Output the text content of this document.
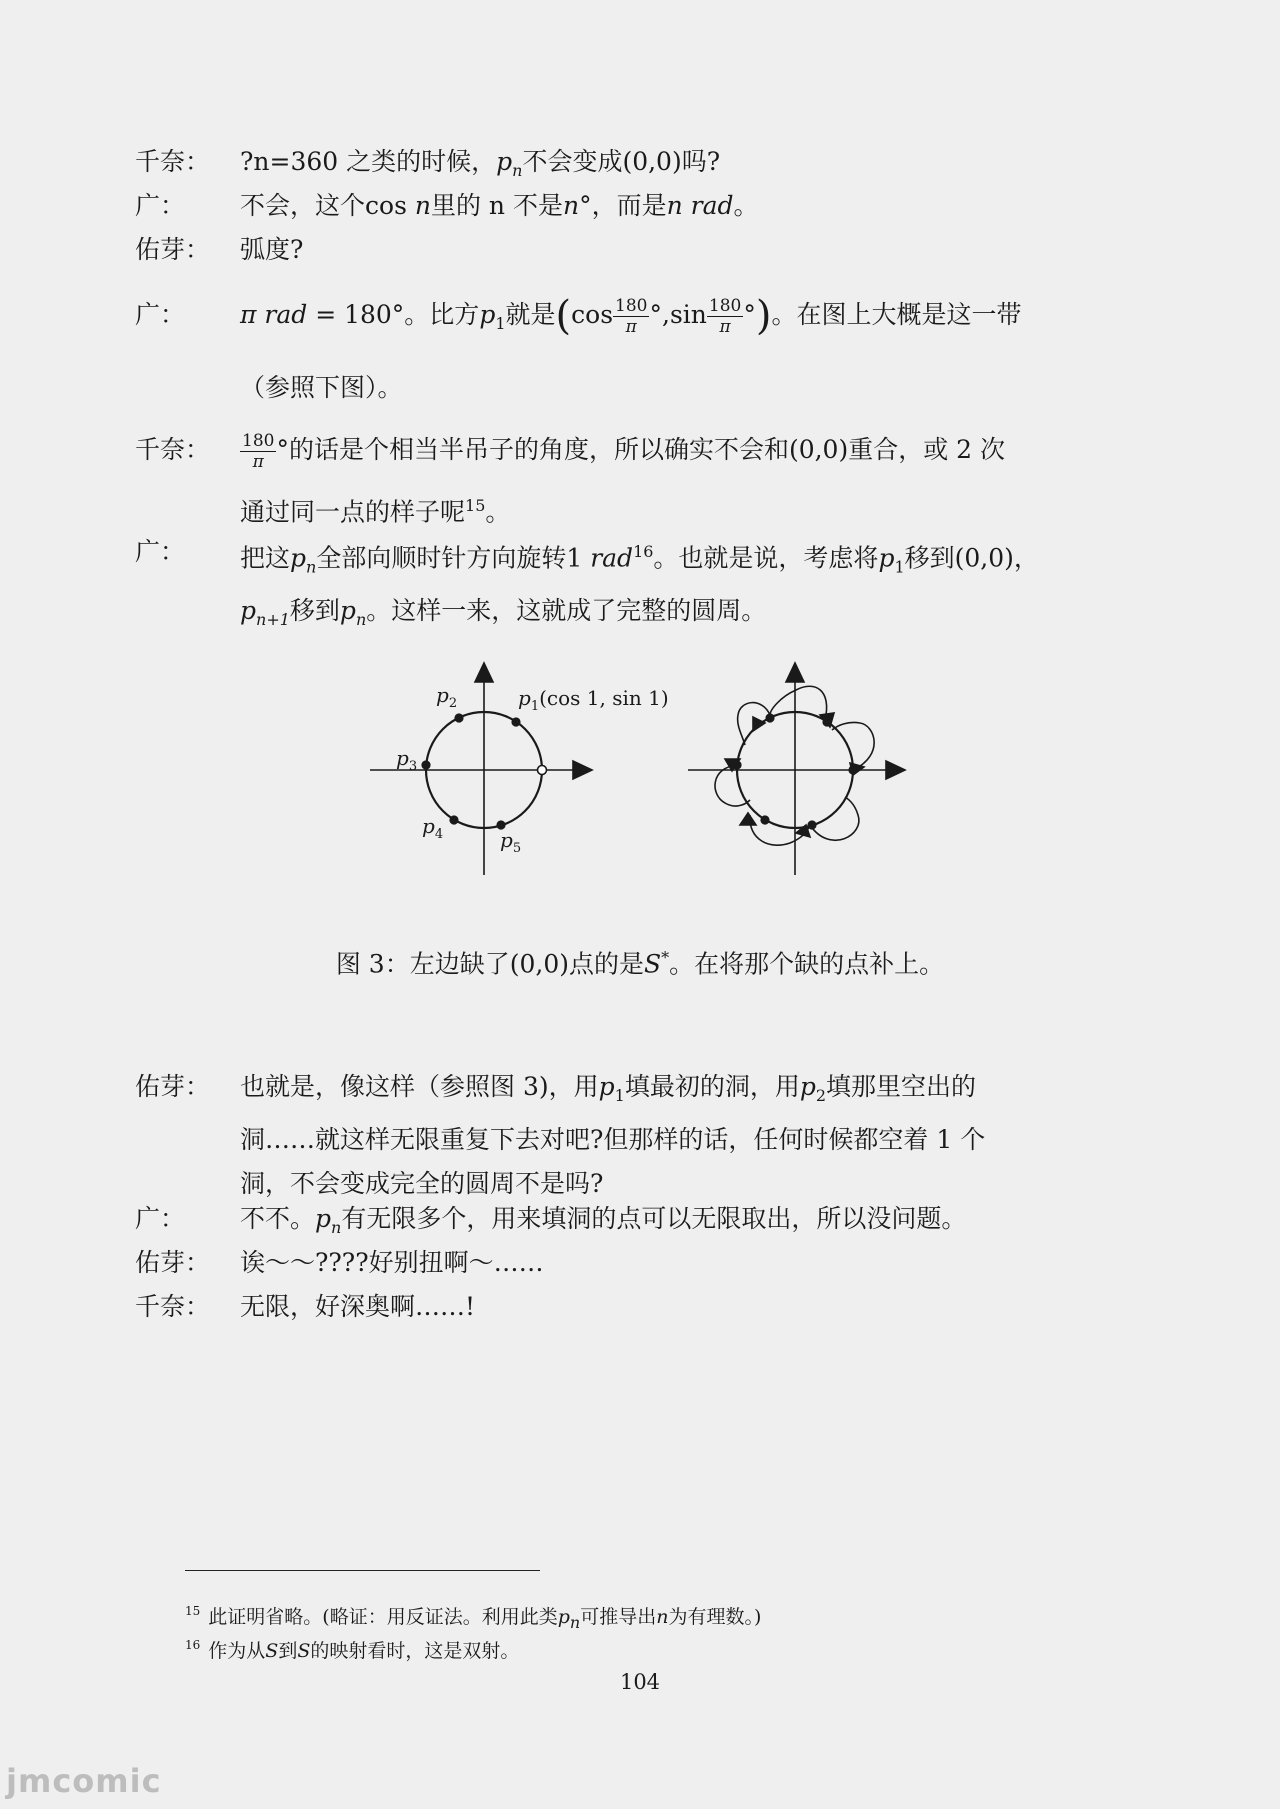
千奈：	?n=360 之类的时候，$p_n$不会变成(0,0)吗?
广：	不会，这个cos n里的 n 不是n°，而是n rad。
佑芽：	弧度?
广：	π rad = 180°。比方$p_1$就是($\cos \frac{180}{\pi} ^\circ,\sin \frac{180}{\pi}$ °)。在图上大概是这一带
（参照下图）。
千奈：	$\frac{180}{\pi}$ °的话是个相当半吊子的角度，所以确实不会和(0,0)重合，或 2 次
通过同一点的样子呢$^{15}$。
广：	把这$p_n$全部向顺时针方向旋转1 rad$^{16}$。也就是说，考虑将$p_1$移到(0,0)，
$p_{n+1}$移到$p_n$。这样一来，这就成了完整的圆周。
$p_1(\cos$ 1, sin 1)
$p_2$
$p_3$
$p_4$	$p_5$
图 3：左边缺了(0,0)点的是S*。在将那个缺的点补上。
佑芽：	也就是，像这样（参照图 3)，用$p_1$填最初的洞，用$p_2$填那里空出的
洞……就这样无限重复下去对吧?但那样的话，任何时候都空着 1 个
洞，不会变成完全的圆周不是吗?
广：	不不。$p_n$有无限多个，用来填洞的点可以无限取出，所以没问题。
佑芽：	诶～～????好别扭啊～……
千奈：	无限，好深奥啊……!
$^{15}$ 此证明省略。(略证：用反证法。利用此类$p_n$可推导出n为有理数。)
$^{16}$ 作为从S到S的映射看时，这是双射。
104
jmcomic
